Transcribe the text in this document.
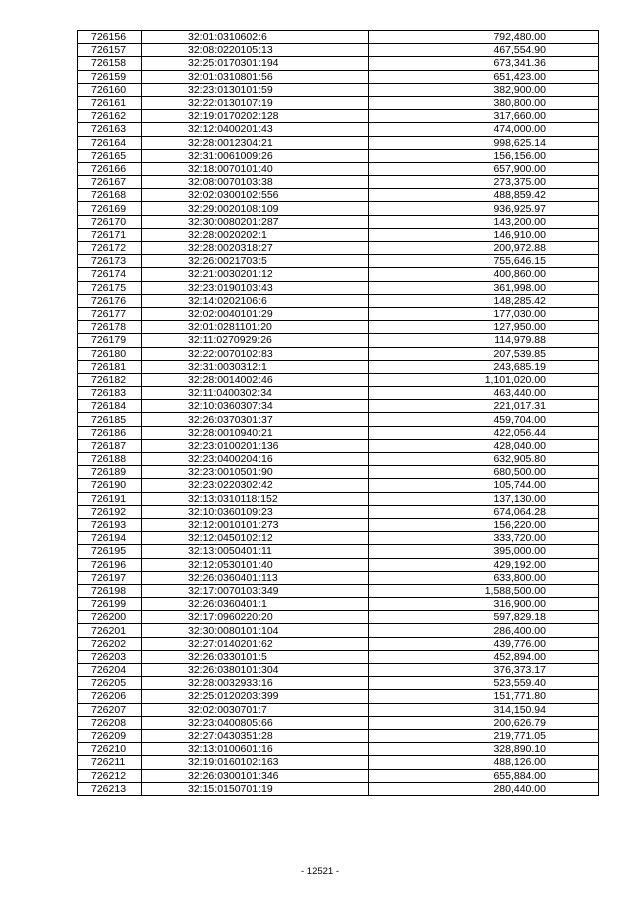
726156	32:01:0310602:6	792,480.00
726157	32:08:0220105:13	467,554.90
726158	32:25:0170301:194	673,341.36
726159	32:01:0310801:56	651,423.00
726160	32:23:0130101:59	382,900.00
726161	32:22:0130107:19	380,800.00
726162	32:19:0170202:128	317,660.00
726163	32:12:0400201:43	474,000.00
726164	32:28:0012304:21	998,625.14
726165	32:31:0061009:26	156,156.00
726166	32:18:0070101:40	657,900.00
726167	32:08:0070103:38	273,375.00
726168	32:02:0300102:556	488,859.42
726169	32:29:0020108:109	936,925.97
726170	32:30:0080201:287	143,200.00
726171	32:28:0020202:1	146,910.00
726172	32:28:0020318:27	200,972.88
726173	32:26:0021703:5	755,646.15
726174	32:21:0030201:12	400,860.00
726175	32:23:0190103:43	361,998.00
726176	32:14:0202106:6	148,285.42
726177	32:02:0040101:29	177,030.00
726178	32:01:0281101:20	127,950.00
726179	32:11:0270929:26	114,979.88
726180	32:22:0070102:83	207,539.85
726181	32:31:0030312:1	243,685.19
726182	32:28:0014002:46	1,101,020.00
726183	32:11:0400302:34	463,440.00
726184	32:10:0360307:34	221,017.31
726185	32:26:0370301:37	459,704.00
726186	32:28:0010940:21	422,056.44
726187	32:23:0100201:136	428,040.00
726188	32:23:0400204:16	632,905.80
726189	32:23:0010501:90	680,500.00
726190	32:23:0220302:42	105,744.00
726191	32:13:0310118:152	137,130.00
726192	32:10:0360109:23	674,064.28
726193	32:12:0010101:273	156,220.00
726194	32:12:0450102:12	333,720.00
726195	32:13:0050401:11	395,000.00
726196	32:12:0530101:40	429,192.00
726197	32:26:0360401:113	633,800.00
726198	32:17:0070103:349	1,588,500.00
726199	32:26:0360401:1	316,900.00
726200	32:17:0960220:20	597,829.18
726201	32:30:0080101:104	286,400.00
726202	32:27:0140201:62	439,776.00
726203	32:26:0330101:5	452,894.00
726204	32:26:0380101:304	376,373.17
726205	32:28:0032933:16	523,559.40
726206	32:25:0120203:399	151,771.80
726207	32:02:0030701:7	314,150.94
726208	32:23:0400805:66	200,626.79
726209	32:27:0430351:28	219,771.05
726210	32:13:0100601:16	328,890.10
726211	32:19:0160102:163	488,126.00
726212	32:26:0300101:346	655,884.00
726213	32:15:0150701:19	280,440.00
- 12521 -
